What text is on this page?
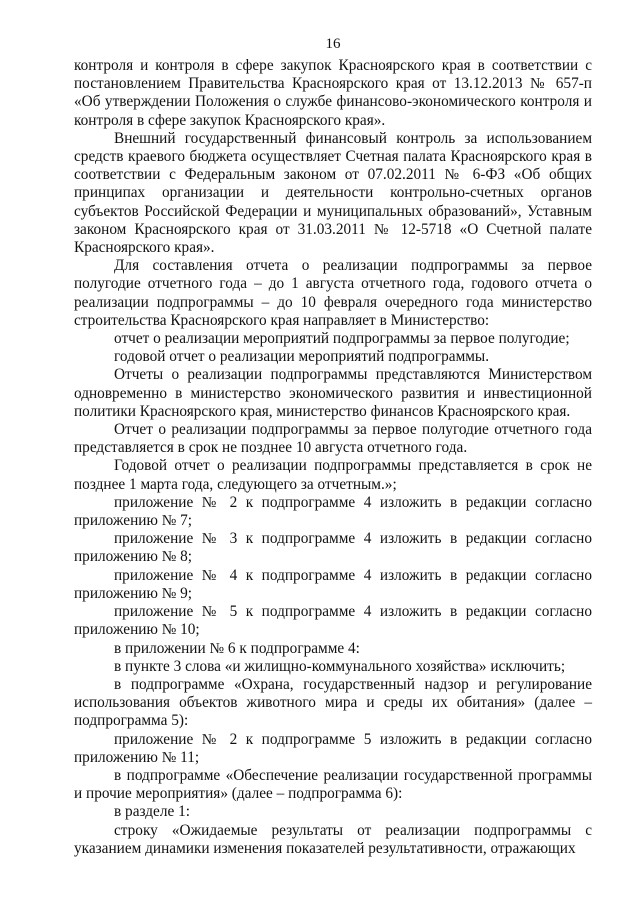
16

контроля и контроля в сфере закупок Красноярского края в соответствии с постановлением Правительства Красноярского края от 13.12.2013 № 657-п «Об утверждении Положения о службе финансово-экономического контроля и контроля в сфере закупок Красноярского края».

Внешний государственный финансовый контроль за использованием средств краевого бюджета осуществляет Счетная палата Красноярского края в соответствии с Федеральным законом от 07.02.2011 № 6-ФЗ «Об общих принципах организации и деятельности контрольно-счетных органов субъектов Российской Федерации и муниципальных образований», Уставным законом Красноярского края от 31.03.2011 № 12-5718 «О Счетной палате Красноярского края».

Для составления отчета о реализации подпрограммы за первое полугодие отчетного года – до 1 августа отчетного года, годового отчета о реализации подпрограммы – до 10 февраля очередного года министерство строительства Красноярского края направляет в Министерство:

отчет о реализации мероприятий подпрограммы за первое полугодие;

годовой отчет о реализации мероприятий подпрограммы.

Отчеты о реализации подпрограммы представляются Министерством одновременно в министерство экономического развития и инвестиционной политики Красноярского края, министерство финансов Красноярского края.

Отчет о реализации подпрограммы за первое полугодие отчетного года представляется в срок не позднее 10 августа отчетного года.

Годовой отчет о реализации подпрограммы представляется в срок не позднее 1 марта года, следующего за отчетным.»;

приложение № 2 к подпрограмме 4 изложить в редакции согласно приложению № 7;

приложение № 3 к подпрограмме 4 изложить в редакции согласно приложению № 8;

приложение № 4 к подпрограмме 4 изложить в редакции согласно приложению № 9;

приложение № 5 к подпрограмме 4 изложить в редакции согласно приложению № 10;

в приложении № 6 к подпрограмме 4:

в пункте 3 слова «и жилищно-коммунального хозяйства» исключить;

в подпрограмме «Охрана, государственный надзор и регулирование использования объектов животного мира и среды их обитания» (далее – подпрограмма 5):

приложение № 2 к подпрограмме 5 изложить в редакции согласно приложению № 11;

в подпрограмме «Обеспечение реализации государственной программы и прочие мероприятия» (далее – подпрограмма 6):

в разделе 1:

строку «Ожидаемые результаты от реализации подпрограммы с указанием динамики изменения показателей результативности, отражающих
